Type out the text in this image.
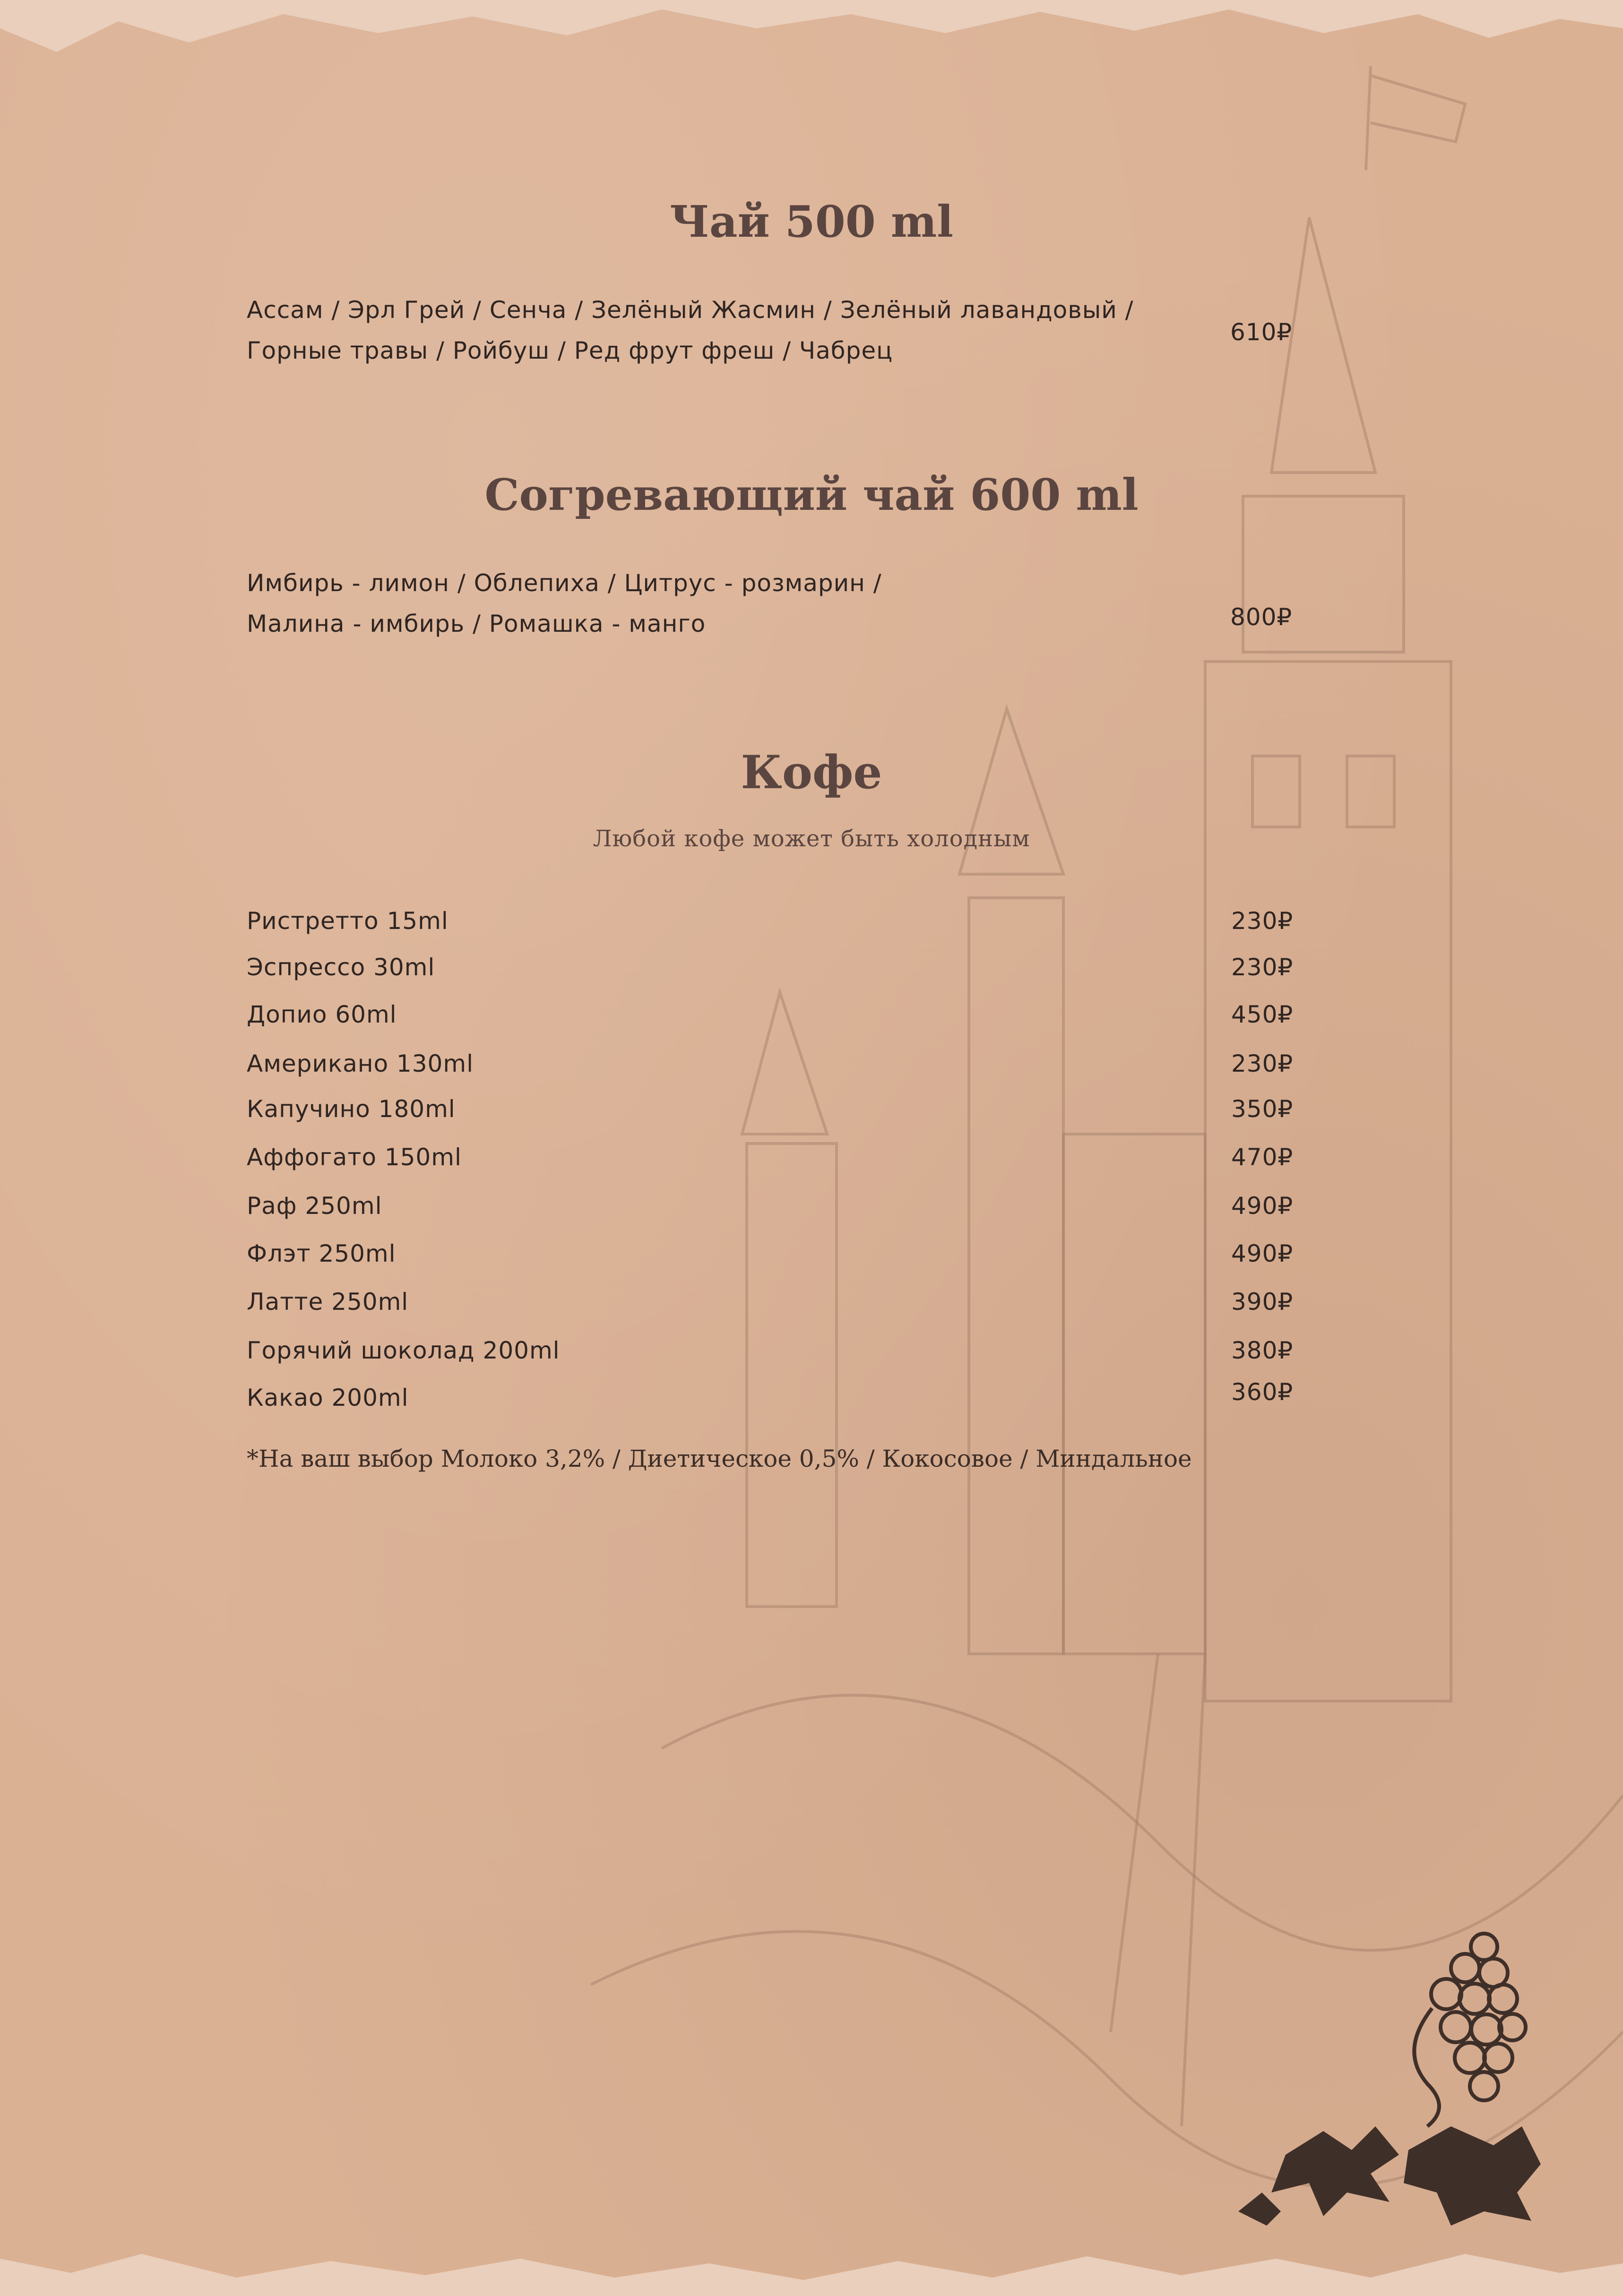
Чай 500 ml
Ассам / Эрл Грей / Сенча / Зелёный Жасмин / Зелёный лавандовый /
Горные травы / Ройбуш / Ред фрут фреш / Чабрец
610₽
Согревающий чай 600 ml
Имбирь - лимон / Облепиха / Цитрус - розмарин /
Малина - имбирь / Ромашка - манго	800₽
Кофе
Любой кофе может быть холодным
Ристретто 15ml	230₽
Эспрессо 30ml	230₽
Допио 60ml	450₽
Американо 130ml	230₽
Капучино 180ml	350₽
Аффогато 150ml	470₽
Раф 250ml	490₽
Флэт 250ml	490₽
Латте 250ml	390₽
Горячий шоколад 200ml	380₽
Какао 200ml	360₽
*На ваш выбор Молоко 3,2% / Диетическое 0,5% / Кокосовое / Миндальное
